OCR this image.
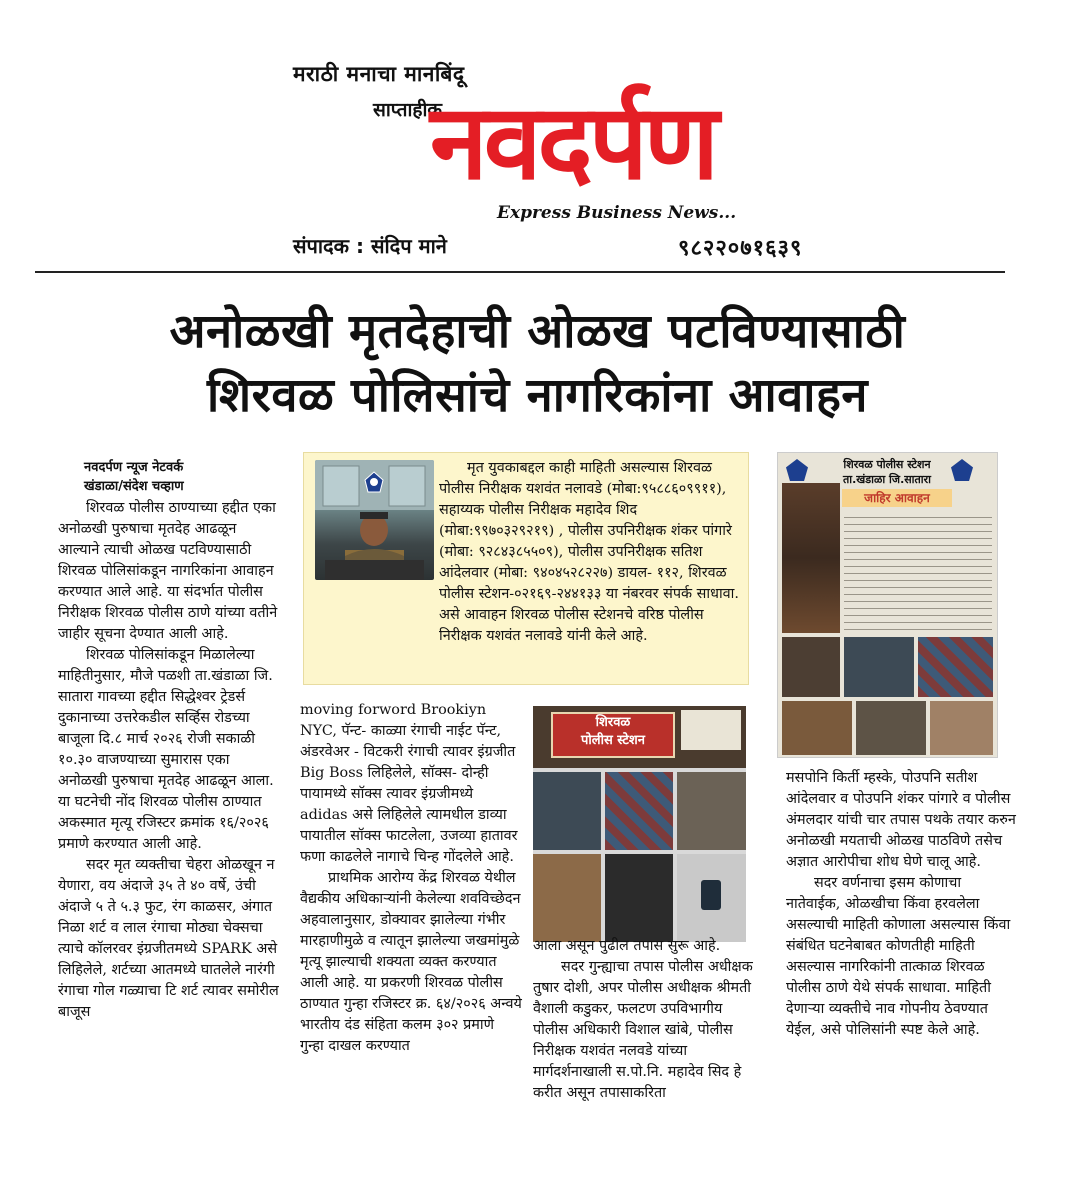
मराठी मनाचा मानबिंदू
साप्ताहीक
नवदर्पण
Express Business News...
संपादक : संदिप माने	९८२२०७१६३९
अनोळखी मृतदेहाची ओळख पटविण्यासाठी
शिरवळ पोलिसांचे नागरिकांना आवाहन
नवदर्पण न्यूज नेटवर्क
खंडाळा/संदेश चव्हाण

शिरवळ पोलीस ठाण्याच्या हद्दीत एका अनोळखी पुरुषाचा मृतदेह आढळून आल्याने त्याची ओळख पटविण्यासाठी शिरवळ पोलिसांकडून नागरिकांना आवाहन करण्यात आले आहे. या संदर्भात पोलीस निरीक्षक शिरवळ पोलीस ठाणे यांच्या वतीने जाहीर सूचना देण्यात आली आहे.

शिरवळ पोलिसांकडून मिळालेल्या माहितीनुसार, मौजे पळशी ता.खंडाळा जि. सातारा गावच्या हद्दीत सिद्धेश्वर ट्रेडर्स दुकानाच्या उत्तरेकडील सर्व्हिस रोडच्या बाजूला दि.८ मार्च २०२६ रोजी सकाळी १०.३० वाजण्याच्या सुमारास एका अनोळखी पुरुषाचा मृतदेह आढळून आला. या घटनेची नोंद शिरवळ पोलीस ठाण्यात अकस्मात मृत्यू रजिस्टर क्रमांक १६/२०२६ प्रमाणे करण्यात आली आहे.

सदर मृत व्यक्तीचा चेहरा ओळखून न येणारा, वय अंदाजे ३५ ते ४० वर्षे, उंची अंदाजे ५ ते ५.३ फुट, रंग काळसर, अंगात निळा शर्ट व लाल रंगाचा मोठ्या चेक्सचा त्याचे कॉलरवर इंग्रजीतमध्ये SPARK असे लिहिलेले, शर्टच्या आतमध्ये घातलेले नारंगी रंगाचा गोल गळ्याचा टि शर्ट त्यावर समोरील बाजूस

मृत युवकाबद्दल काही माहिती असल्यास शिरवळ पोलीस निरीक्षक यशवंत नलावडे (मोबा:९५८८६०९९११), सहाय्यक पोलीस निरीक्षक महादेव शिद (मोबा:९९७०३२९२१९) , पोलीस उपनिरीक्षक शंकर पांगारे (मोबा: ९२८४३८५५०९), पोलीस उपनिरीक्षक सतिश आंदेलवार (मोबा: ९४०४५२८२२७) डायल- ११२, शिरवळ पोलीस स्टेशन-०२१६९-२४४१३३ या नंबरवर संपर्क साधावा. असे आवाहन शिरवळ पोलीस स्टेशनचे वरिष्ठ पोलीस निरीक्षक यशवंत नलावडे यांनी केले आहे.

moving forword Brookiyn NYC, पॅन्ट- काळ्या रंगाची नाईट पॅन्ट, अंडरवेअर - विटकरी रंगाची त्यावर इंग्रजीत Big Boss लिहिलेले, सॉक्स- दोन्ही पायामध्ये सॉक्स त्यावर इंग्रजीमध्ये adidas असे लिहिलेले त्यामधील डाव्या पायातील सॉक्स फाटलेला, उजव्या हातावर फणा काढलेले नागाचे चिन्ह गोंदलेले आहे.

प्राथमिक आरोग्य केंद्र शिरवळ येथील वैद्यकीय अधिकाऱ्यांनी केलेल्या शवविच्छेदन अहवालानुसार, डोक्यावर झालेल्या गंभीर मारहाणीमुळे व त्यातून झालेल्या जखमांमुळे मृत्यू झाल्याची शक्यता व्यक्त करण्यात आली आहे. या प्रकरणी शिरवळ पोलीस ठाण्यात गुन्हा रजिस्टर क्र. ६४/२०२६ अन्वये भारतीय दंड संहिता कलम ३०२ प्रमाणे गुन्हा दाखल करण्यात

शिरवळ
पोलीस स्टेशन

आला असून पुढील तपास सुरू आहे.

सदर गुन्ह्याचा तपास पोलीस अधीक्षक तुषार दोशी, अपर पोलीस अधीक्षक श्रीमती वैशाली कडुकर, फलटण उपविभागीय पोलीस अधिकारी विशाल खांबे, पोलीस निरीक्षक यशवंत नलवडे यांच्या मार्गदर्शनाखाली स.पो.नि. महादेव सिद हे करीत असून तपासाकरिता

शिरवळ पोलीस स्टेशन
ता.खंडाळा जि.सातारा
जाहिर आवाहन

मसपोनि किर्ती म्हस्के, पोउपनि सतीश आंदेलवार व पोउपनि शंकर पांगारे व पोलीस अंमलदार यांची चार तपास पथके तयार करुन अनोळखी मयताची ओळख पाठविणे तसेच अज्ञात आरोपीचा शोध घेणे चालू आहे.

सदर वर्णनाचा इसम कोणाचा नातेवाईक, ओळखीचा किंवा हरवलेला असल्याची माहिती कोणाला असल्यास किंवा संबंधित घटनेबाबत कोणतीही माहिती असल्यास नागरिकांनी तात्काळ शिरवळ पोलीस ठाणे येथे संपर्क साधावा. माहिती देणाऱ्या व्यक्तीचे नाव गोपनीय ठेवण्यात येईल, असे पोलिसांनी स्पष्ट केले आहे.
